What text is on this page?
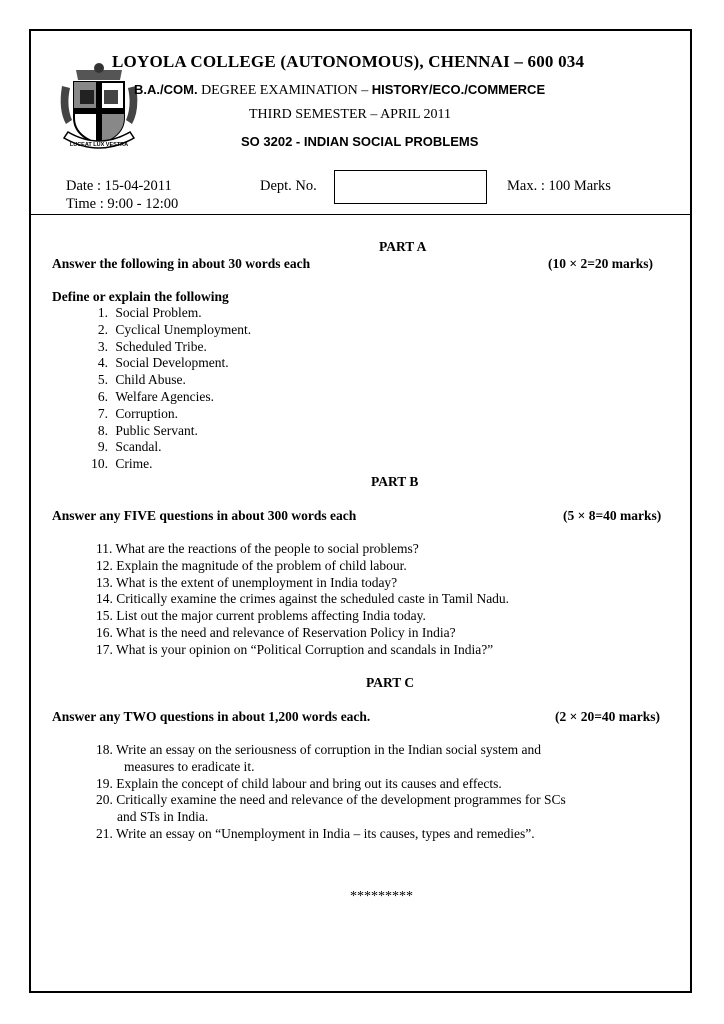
LUCEAT LUX VESTRA
LOYOLA COLLEGE (AUTONOMOUS), CHENNAI – 600 034
B.A./COM. DEGREE EXAMINATION – HISTORY/ECO./COMMERCE
THIRD SEMESTER – APRIL 2011
SO 3202 - INDIAN SOCIAL PROBLEMS
Date : 15-04-2011
Time : 9:00 - 12:00
Dept. No.	Max. : 100 Marks
PART A
Answer the following in about 30 words each	(10 × 2=20 marks)
Define or explain the following
1. Social Problem.
2. Cyclical Unemployment.
3. Scheduled Tribe.
4. Social Development.
5. Child Abuse.
6. Welfare Agencies.
7. Corruption.
8. Public Servant.
9. Scandal.
10. Crime.
PART B
Answer any FIVE questions in about 300 words each	(5 × 8=40 marks)
11. What are the reactions of the people to social problems?
12. Explain the magnitude of the problem of child labour.
13. What is the extent of unemployment in India today?
14. Critically examine the crimes against the scheduled caste in Tamil Nadu.
15. List out the major current problems affecting India today.
16. What is the need and relevance of Reservation Policy in India?
17. What is your opinion on “Political Corruption and scandals in India?”
PART C
Answer any TWO questions in about 1,200 words each.	(2 × 20=40 marks)
18. Write an essay on the seriousness of corruption in the Indian social system and
measures to eradicate it.
19. Explain the concept of child labour and bring out its causes and effects.
20. Critically examine the need and relevance of the development programmes for SCs
and STs in India.
21. Write an essay on “Unemployment in India – its causes, types and remedies”.
*********
